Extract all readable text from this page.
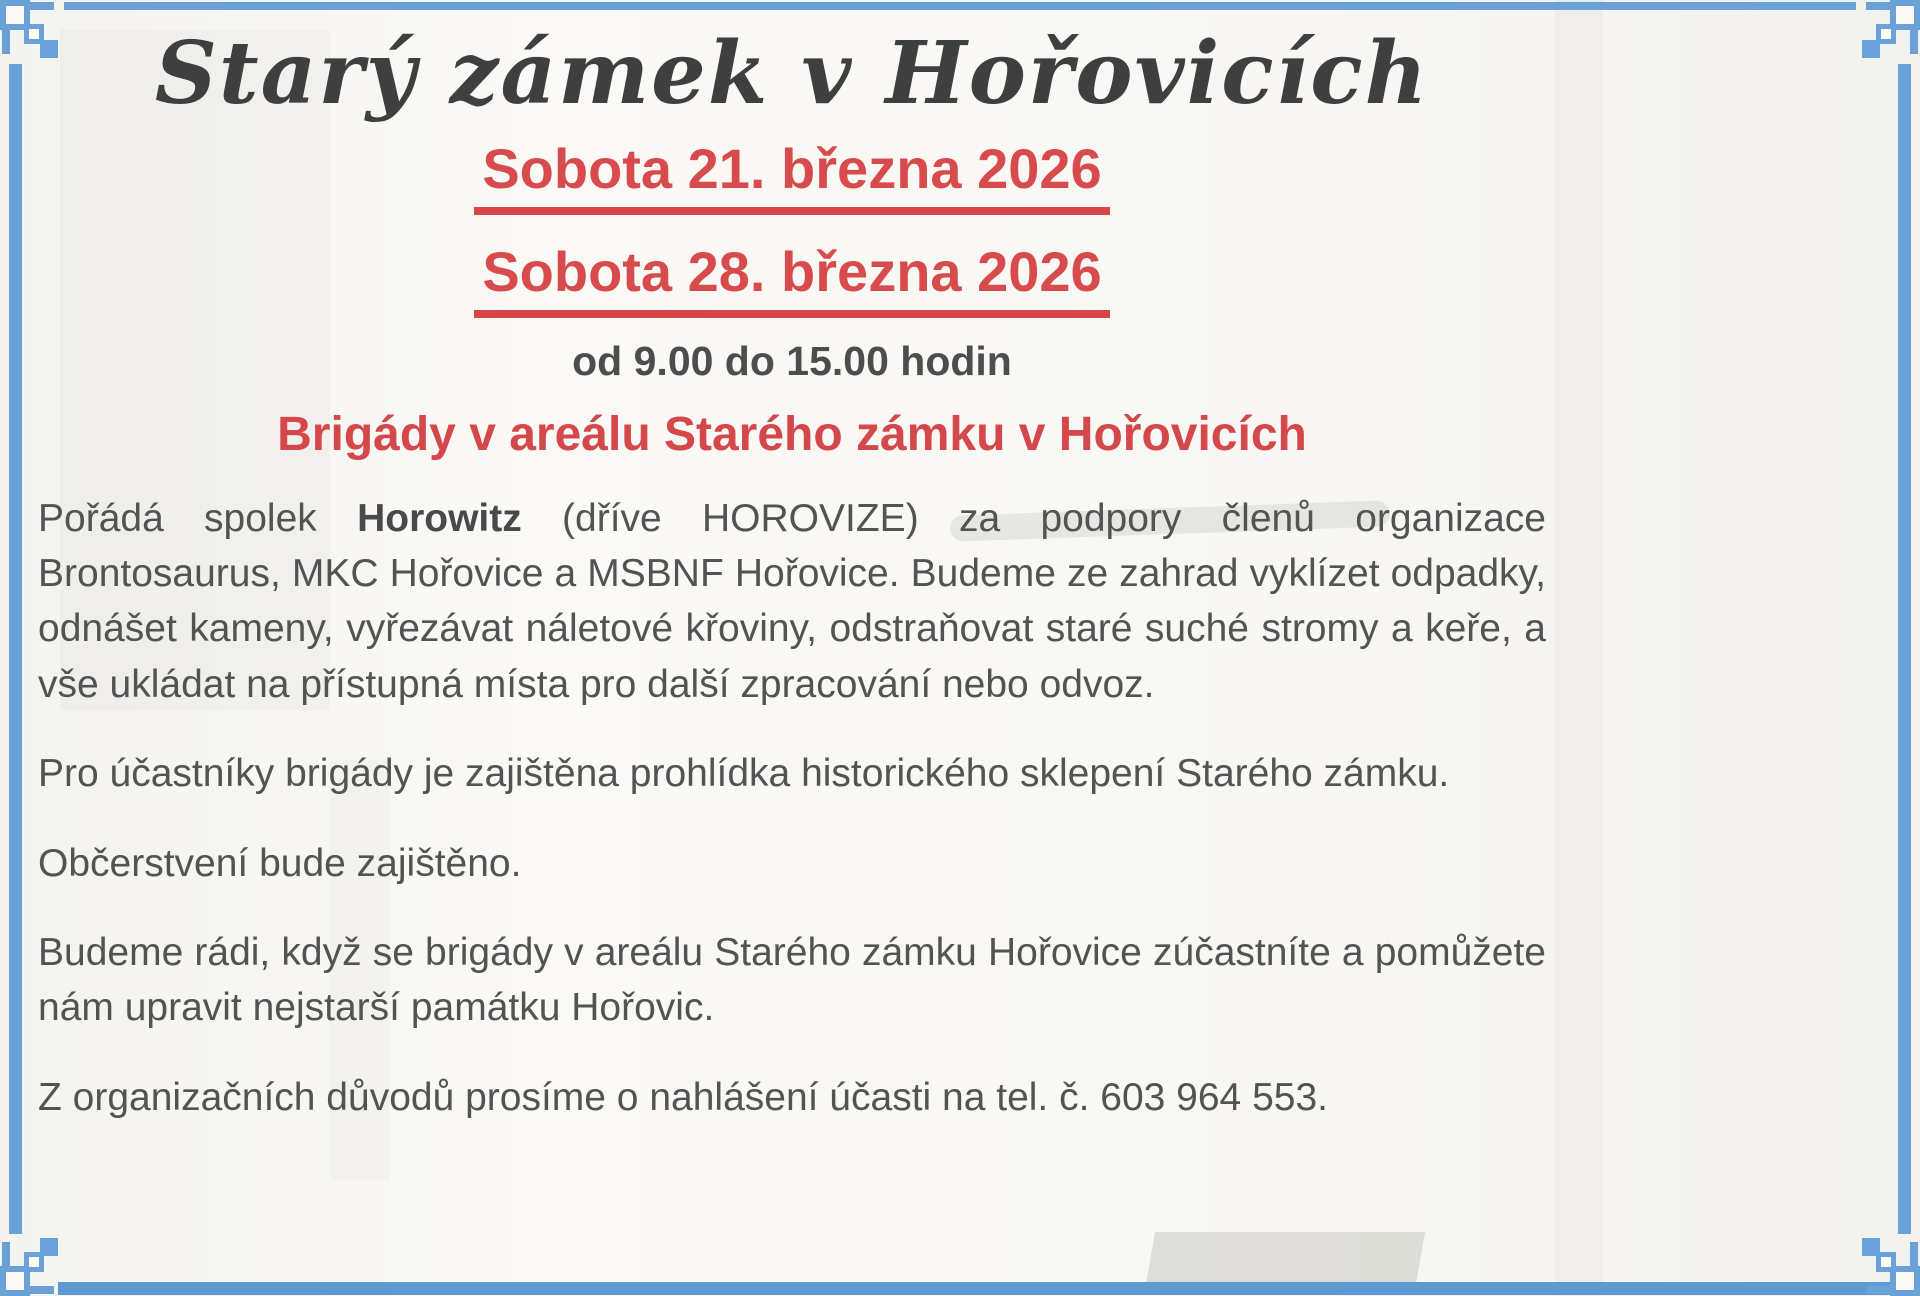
Starý zámek v Hořovicích
Sobota 21. března 2026
Sobota 28. března 2026
od 9.00 do 15.00 hodin
Brigády v areálu Starého zámku v Hořovicích

Pořádá spolek Horowitz (dříve HOROVIZE) za podpory členů organizace Brontosaurus, MKC Hořovice a MSBNF Hořovice. Budeme ze zahrad vyklízet odpadky, odnášet kameny, vyřezávat náletové křoviny, odstraňovat staré suché stromy a keře, a vše ukládat na přístupná místa pro další zpracování nebo odvoz.

Pro účastníky brigády je zajištěna prohlídka historického sklepení Starého zámku.

Občerstvení bude zajištěno.

Budeme rádi, když se brigády v areálu Starého zámku Hořovice zúčastníte a pomůžete nám upravit nejstarší památku Hořovic.

Z organizačních důvodů prosíme o nahlášení účasti na tel. č. 603 964 553.
